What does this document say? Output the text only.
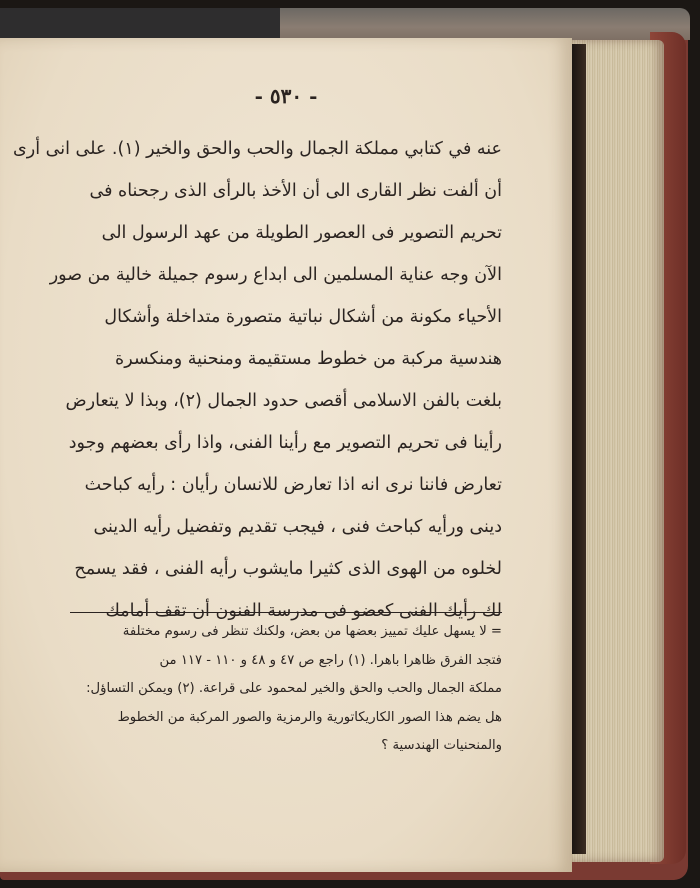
- ٥٣٠ -
عنه في كتابي مملكة الجمال والحب والحق والخير (١). على انى أرى
أن ألفت نظر القارى الى أن الأخذ بالرأى الذى رجحناه فى
تحريم التصوير فى العصور الطويلة من عهد الرسول الى
الآن وجه عناية المسلمين الى ابداع رسوم جميلة خالية من صور
الأحياء مكونة من أشكال نباتية متصورة متداخلة وأشكال
هندسية مركبة من خطوط مستقيمة ومنحنية ومنكسرة
بلغت بالفن الاسلامى أقصى حدود الجمال (٢)، وبذا لا يتعارض
رأينا فى تحريم التصوير مع رأينا الفنى، واذا رأى بعضهم وجود
تعارض فاننا نرى انه اذا تعارض للانسان رأيان : رأيه كباحث
دينى ورأيه كباحث فنى ، فيجب تقديم وتفضيل رأيه الدينى
لخلوه من الهوى الذى كثيرا مايشوب رأيه الفنى ، فقد يسمح
لك رأيك الفنى كعضو فى مدرسة الفنون أن تقف أمامك
= لا يسهل عليك تمييز بعضها من بعض، ولكنك تنظر فى رسوم مختلفة
فتجد الفرق ظاهرا باهرا. (١) راجع ص ٤٧ و ٤٨ و ١١٠ - ١١٧ من
مملكة الجمال والحب والحق والخير لمحمود على قراعة. (٢) ويمكن التساؤل:
هل يضم هذا الصور الكاريكاتورية والرمزية والصور المركبة من الخطوط
والمنحنيات الهندسية ؟
